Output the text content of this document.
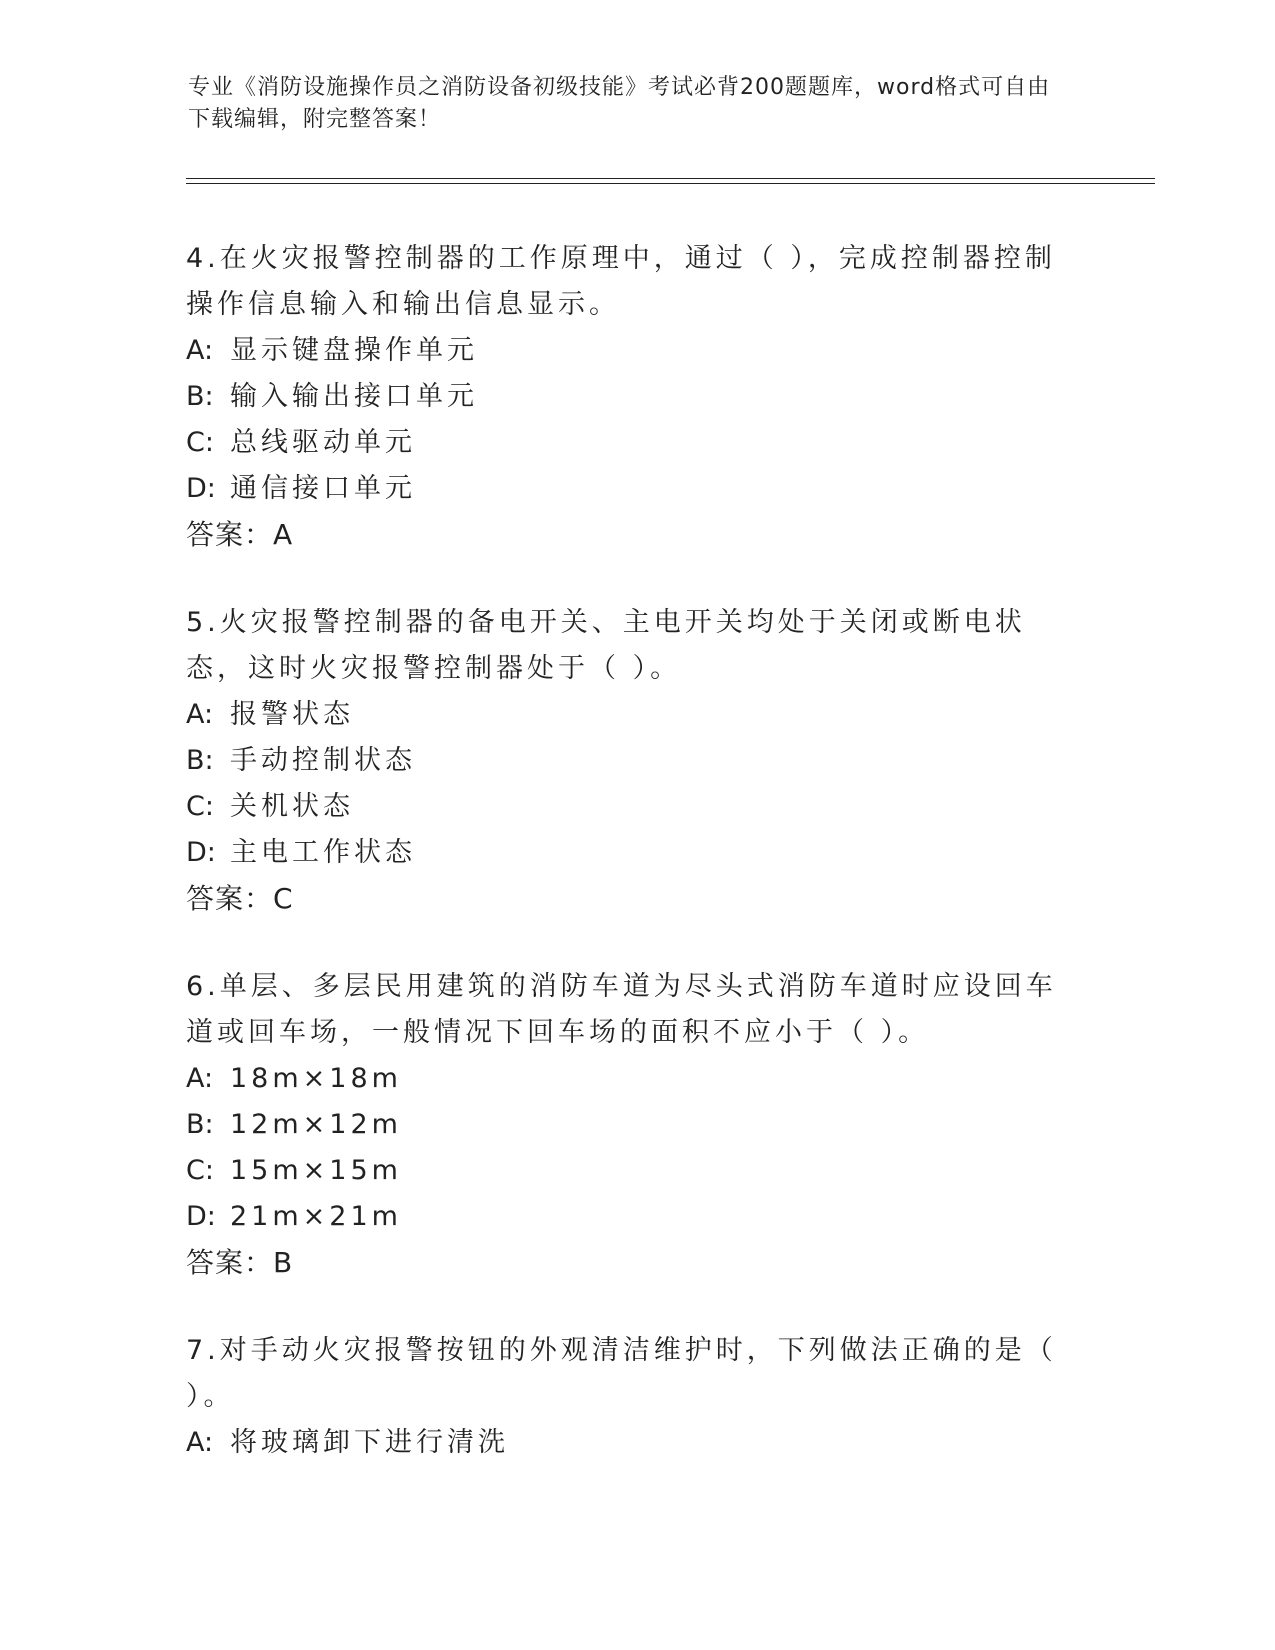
专业《消防设施操作员之消防设备初级技能》考试必背200题题库，word格式可自由下载编辑，附完整答案！

4.在火灾报警控制器的工作原理中，通过（ ），完成控制器控制操作信息输入和输出信息显示。

A: 显示键盘操作单元

B: 输入输出接口单元

C: 总线驱动单元

D: 通信接口单元

答案：A

5.火灾报警控制器的备电开关、主电开关均处于关闭或断电状态，这时火灾报警控制器处于（ ）。

A: 报警状态

B: 手动控制状态

C: 关机状态

D: 主电工作状态

答案：C

6.单层、多层民用建筑的消防车道为尽头式消防车道时应设回车道或回车场，一般情况下回车场的面积不应小于（ ）。

A: 18m×18m

B: 12m×12m

C: 15m×15m

D: 21m×21m

答案：B

7.对手动火灾报警按钮的外观清洁维护时，下列做法正确的是（ ）。

A: 将玻璃卸下进行清洗
